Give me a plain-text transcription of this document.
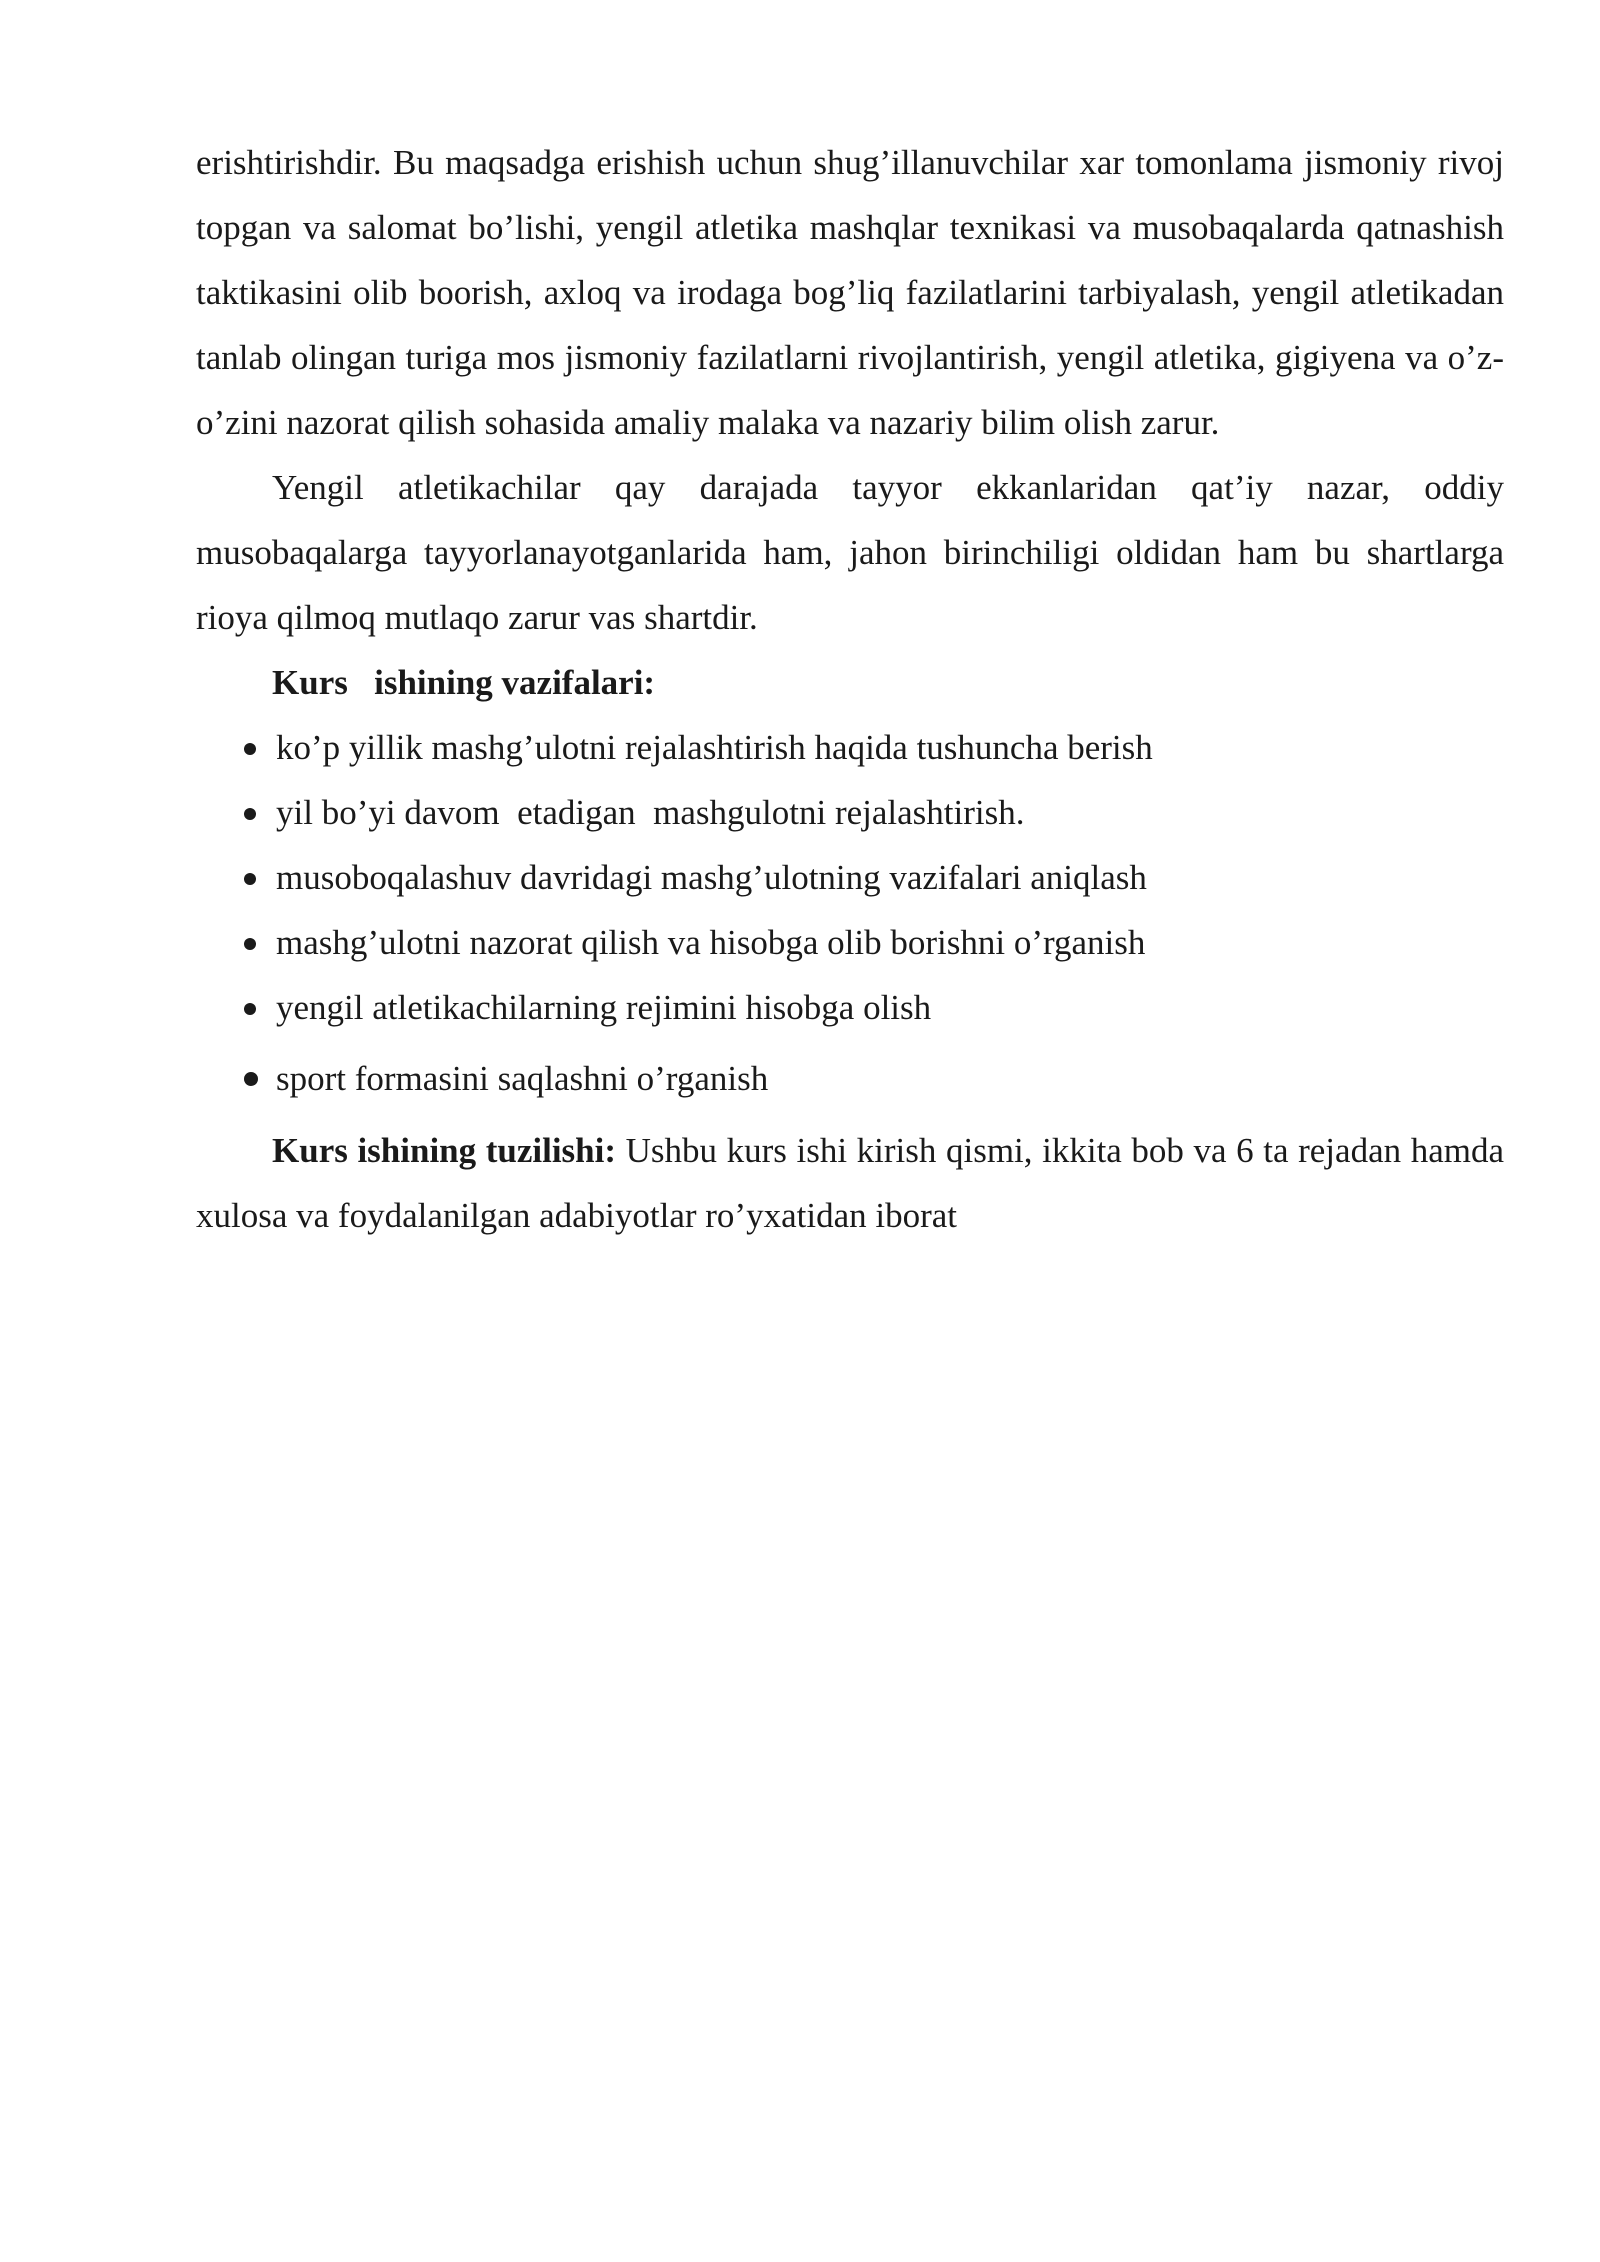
erishtirishdir. Bu maqsadga erishish uchun shug’illanuvchilar xar tomonlama jismoniy rivoj topgan va salomat bo’lishi, yengil atletika mashqlar texnikasi va musobaqalarda qatnashish taktikasini olib boorish, axloq va irodaga bog’liq fazilatlarini tarbiyalash, yengil atletikadan tanlab olingan turiga mos jismoniy fazilatlarni rivojlantirish, yengil atletika, gigiyena va o’z-o’zini nazorat qilish sohasida amaliy malaka va nazariy bilim olish zarur.

Yengil atletikachilar qay darajada tayyor ekkanlaridan qat’iy nazar, oddiy musobaqalarga tayyorlanayotganlarida ham, jahon birinchiligi oldidan ham bu shartlarga rioya qilmoq mutlaqo zarur vas shartdir.

Kurs   ishining vazifalari:

ko’p yillik mashg’ulotni rejalashtirish haqida tushuncha berish
yil bo’yi davom  etadigan  mashgulotni rejalashtirish.
musoboqalashuv davridagi mashg’ulotning vazifalari aniqlash
mashg’ulotni nazorat qilish va hisobga olib borishni o’rganish
yengil atletikachilarning rejimini hisobga olish
sport formasini saqlashni o’rganish

Kurs ishining tuzilishi: Ushbu kurs ishi kirish qismi, ikkita bob va 6 ta rejadan hamda xulosa va foydalanilgan adabiyotlar ro’yxatidan iborat
